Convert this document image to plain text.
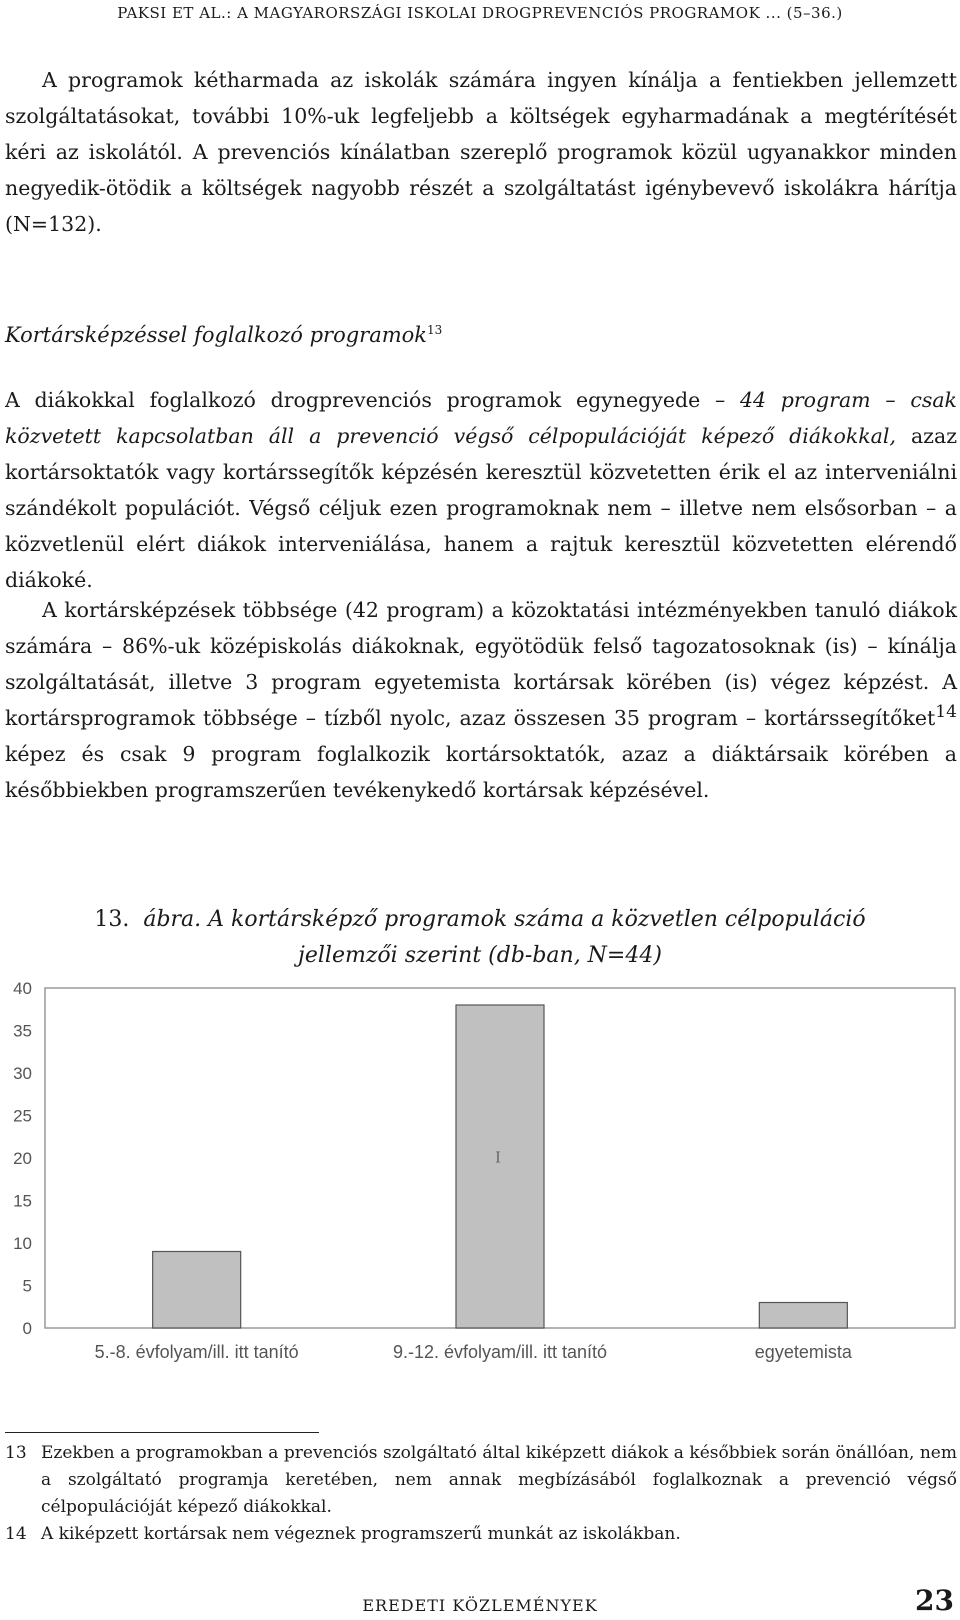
PAKSI ET AL.: A MAGYARORSZÁGI ISKOLAI DROGPREVENCIÓS PROGRAMOK ... (5–36.)

A programok kétharmada az iskolák számára ingyen kínálja a fentiekben jellemzett szolgáltatásokat, további 10%-uk legfeljebb a költségek egyharmadának a megtérítését kéri az iskolától. A prevenciós kínálatban szereplő programok közül ugyanakkor minden negyedik-ötödik a költségek nagyobb részét a szolgáltatást igénybevevő iskolákra hárítja (N=132).

Kortársképzéssel foglalkozó programok$^{13}$

A diákokkal foglalkozó drogprevenciós programok egynegyede – 44 program – csak közvetett kapcsolatban áll a prevenció végső célpopulációját képező diákokkal, azaz kortársoktatók vagy kortárssegítők képzésén keresztül közvetetten érik el az interveniálni szándékolt populációt. Végső céljuk ezen programoknak nem – illetve nem elsősorban – a közvetlenül elért diákok interveniálása, hanem a rajtuk keresztül közvetetten elérendő diákoké.

A kortársképzések többsége (42 program) a közoktatási intézményekben tanuló diákok számára – 86%-uk középiskolás diákoknak, egyötödük felső tagozatosoknak (is) – kínálja szolgáltatását, illetve 3 program egyetemista kortársak körében (is) végez képzést. A kortársprogramok többsége – tízből nyolc, azaz összesen 35 program – kortárssegítőket$^{14}$ képez és csak 9 program foglalkozik kortársoktatók, azaz a diáktársaik körében a későbbiekben programszerűen tevékenykedő kortársak képzésével.

13. ábra. A kortársképző programok száma a közvetlen célpopuláció
jellemzői szerint (db-ban, N=44)
0
5
10
15
20
25
30
35
40
5.-8. évfolyam/ill. itt tanító	9.-12. évfolyam/ill. itt tanító
I
egyetemista
13 Ezekben a programokban a prevenciós szolgáltató által kiképzett diákok a későbbiek során önállóan, nem a szolgáltató programja keretében, nem annak megbízásából foglalkoznak a prevenció végső célpopulációját képező diákokkal.
14 A kiképzett kortársak nem végeznek programszerű munkát az iskolákban.
EREDETI KÖZLEMÉNYEK	23
